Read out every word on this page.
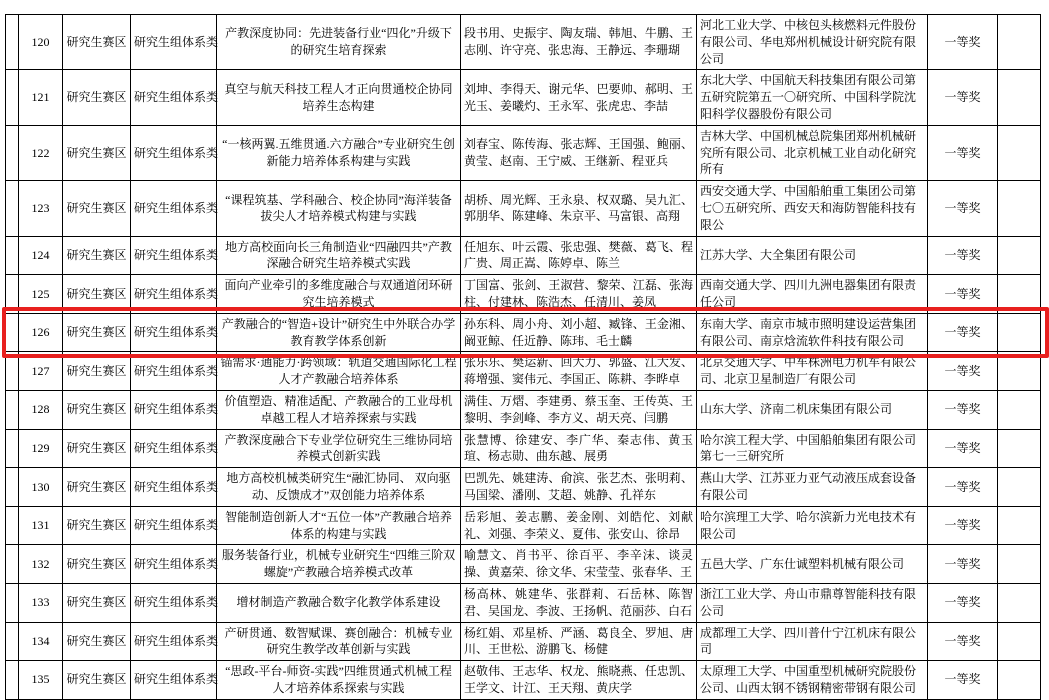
	120	研究生赛区	研究生组体系类	产教深度协同：先进装备行业“四化”升级下的研究生培育探索	段书用、史振宇、陶友瑞、韩旭、牛鹏、王志刚、许守亮、张忠海、王静远、李珊瑚	河北工业大学、中核包头核燃料元件股份有限公司、华电郑州机械设计研究院有限公司	一等奖	
	121	研究生赛区	研究生组体系类	真空与航天科技工程人才正向贯通校企协同培养生态构建	刘坤、李得天、谢元华、巴要帅、郝明、王光玉、姜曦灼、王永军、张虎忠、李喆	东北大学、中国航天科技集团有限公司第五研究院第五一〇研究所、中国科学院沈阳科学仪器股份有限公司	一等奖	
	122	研究生赛区	研究生组体系类	“一核两翼.五维贯通.六方融合”专业研究生创新能力培养体系构建与实践	刘春宝、陈传海、张志辉、王国强、鲍丽、黄莹、赵南、王宁威、王继新、程亚兵	吉林大学、中国机械总院集团郑州机械研究所有限公司、北京机械工业自动化研究所有	一等奖	
	123	研究生赛区	研究生组体系类	“课程筑基、学科融合、校企协同”海洋装备拔尖人才培养模式构建与实践	胡桥、周光辉、王永泉、权双璐、吴九汇、郭朋华、陈建峰、朱京平、马富银、高翔	西安交通大学、中国船舶重工集团公司第七〇五研究所、西安天和海防智能科技有限公	一等奖	
	124	研究生赛区	研究生组体系类	地方高校面向长三角制造业“四融四共”产教深融合研究生培养模式实践	任旭东、叶云霞、张忠强、樊薇、葛飞、程广贵、周正嵩、陈婷卓、陈兰	江苏大学、大全集团有限公司	一等奖	
	125	研究生赛区	研究生组体系类	面向产业牵引的多维度融合与双通道闭环研究生培养模式	丁国富、张剑、王淑营、黎荣、江磊、张海柱、付建林、陈浩杰、任清川、姜凤	西南交通大学、四川九洲电器集团有限责任公司	一等奖	
	126	研究生赛区	研究生组体系类	产教融合的“智造+设计”研究生中外联合办学教育教学体系创新	孙东科、周小舟、刘小超、臧锋、王金湘、阚亚鲸、任近静、陈玮、毛士麟	东南大学、南京市城市照明建设运营集团有限公司、南京焓流软件科技有限公司	一等奖	
	127	研究生赛区	研究生组体系类	锚需求·通能力·跨领域：轨道交通国际化工程人才产教融合培养体系	张乐乐、樊运新、回大力、郭盛、江大发、蒋增强、窦伟元、李国正、陈耕、李晔卓	北京交通大学、中车株洲电力机车有限公司、北京卫星制造厂有限公司	一等奖	
	128	研究生赛区	研究生组体系类	价值塑造、精准适配、产教融合的工业母机 卓越工程人才培养探索与实践	满佳、万熠、李建勇、蔡玉奎、王传英、王黎明、李剑峰、李方义、胡天亮、闫鹏	山东大学、济南二机床集团有限公司	一等奖	
	129	研究生赛区	研究生组体系类	产教深度融合下专业学位研究生三维协同培养模式创新实践	张慧博、徐建安、李广华、秦志伟、黄玉瑄、杨志勋、曲东越、展勇	哈尔滨工程大学、中国船舶集团有限公司第七一三研究所	一等奖	
	130	研究生赛区	研究生组体系类	地方高校机械类研究生“融汇协同、 双向驱动、反馈成才”双创能力培养体系	巴凯先、姚建涛、俞滨、张艺杰、张明莉、马国梁、潘刚、艾超、姚静、孔祥东	燕山大学、江苏亚力亚气动液压成套设备有限公司	一等奖	
	131	研究生赛区	研究生组体系类	智能制造创新人才“五位一体”产教融合培养体系的构建与实践	岳彩旭、姜志鹏、姜金刚、刘皓佗、刘献礼、刘强、李荣义、夏伟、张安山、徐昂	哈尔滨理工大学、哈尔滨新力光电技术有限公司	一等奖	
	132	研究生赛区	研究生组体系类	服务装备行业，机械专业研究生“四维三阶双螺旋”产教融合培养模式改革	喻慧文、肖书平、徐百平、李辛沫、谈灵操、黄嘉荣、徐文华、宋莹莹、张春华、王	五邑大学、广东仕诚塑料机械有限公司	一等奖	
	133	研究生赛区	研究生组体系类	增材制造产教融合数字化教学体系建设	杨高林、姚建华、张群莉、石岳林、陈智君、吴国龙、李波、王扬帆、范丽莎、白石	浙江工业大学、舟山市鼎尊智能科技有限公司	一等奖	
	134	研究生赛区	研究生组体系类	产研贯通、数智赋课、赛创融合：机械专业研究生教学改革创新与实践	杨红娟、邓星桥、严涵、葛良全、罗旭、唐川、王世松、游鹏飞、杨健	成都理工大学、四川普什宁江机床有限公司	一等奖	
	135	研究生赛区	研究生组体系类	“思政-平台-师资-实践”四维贯通式机械工程人才培养体系探索与实践	赵敬伟、王志华、权龙、熊晓燕、任忠凯、王学文、计江、王天翔、黄庆学	太原理工大学、中国重型机械研究院股份公司、山西太钢不锈钢精密带钢有限公司	一等奖	
